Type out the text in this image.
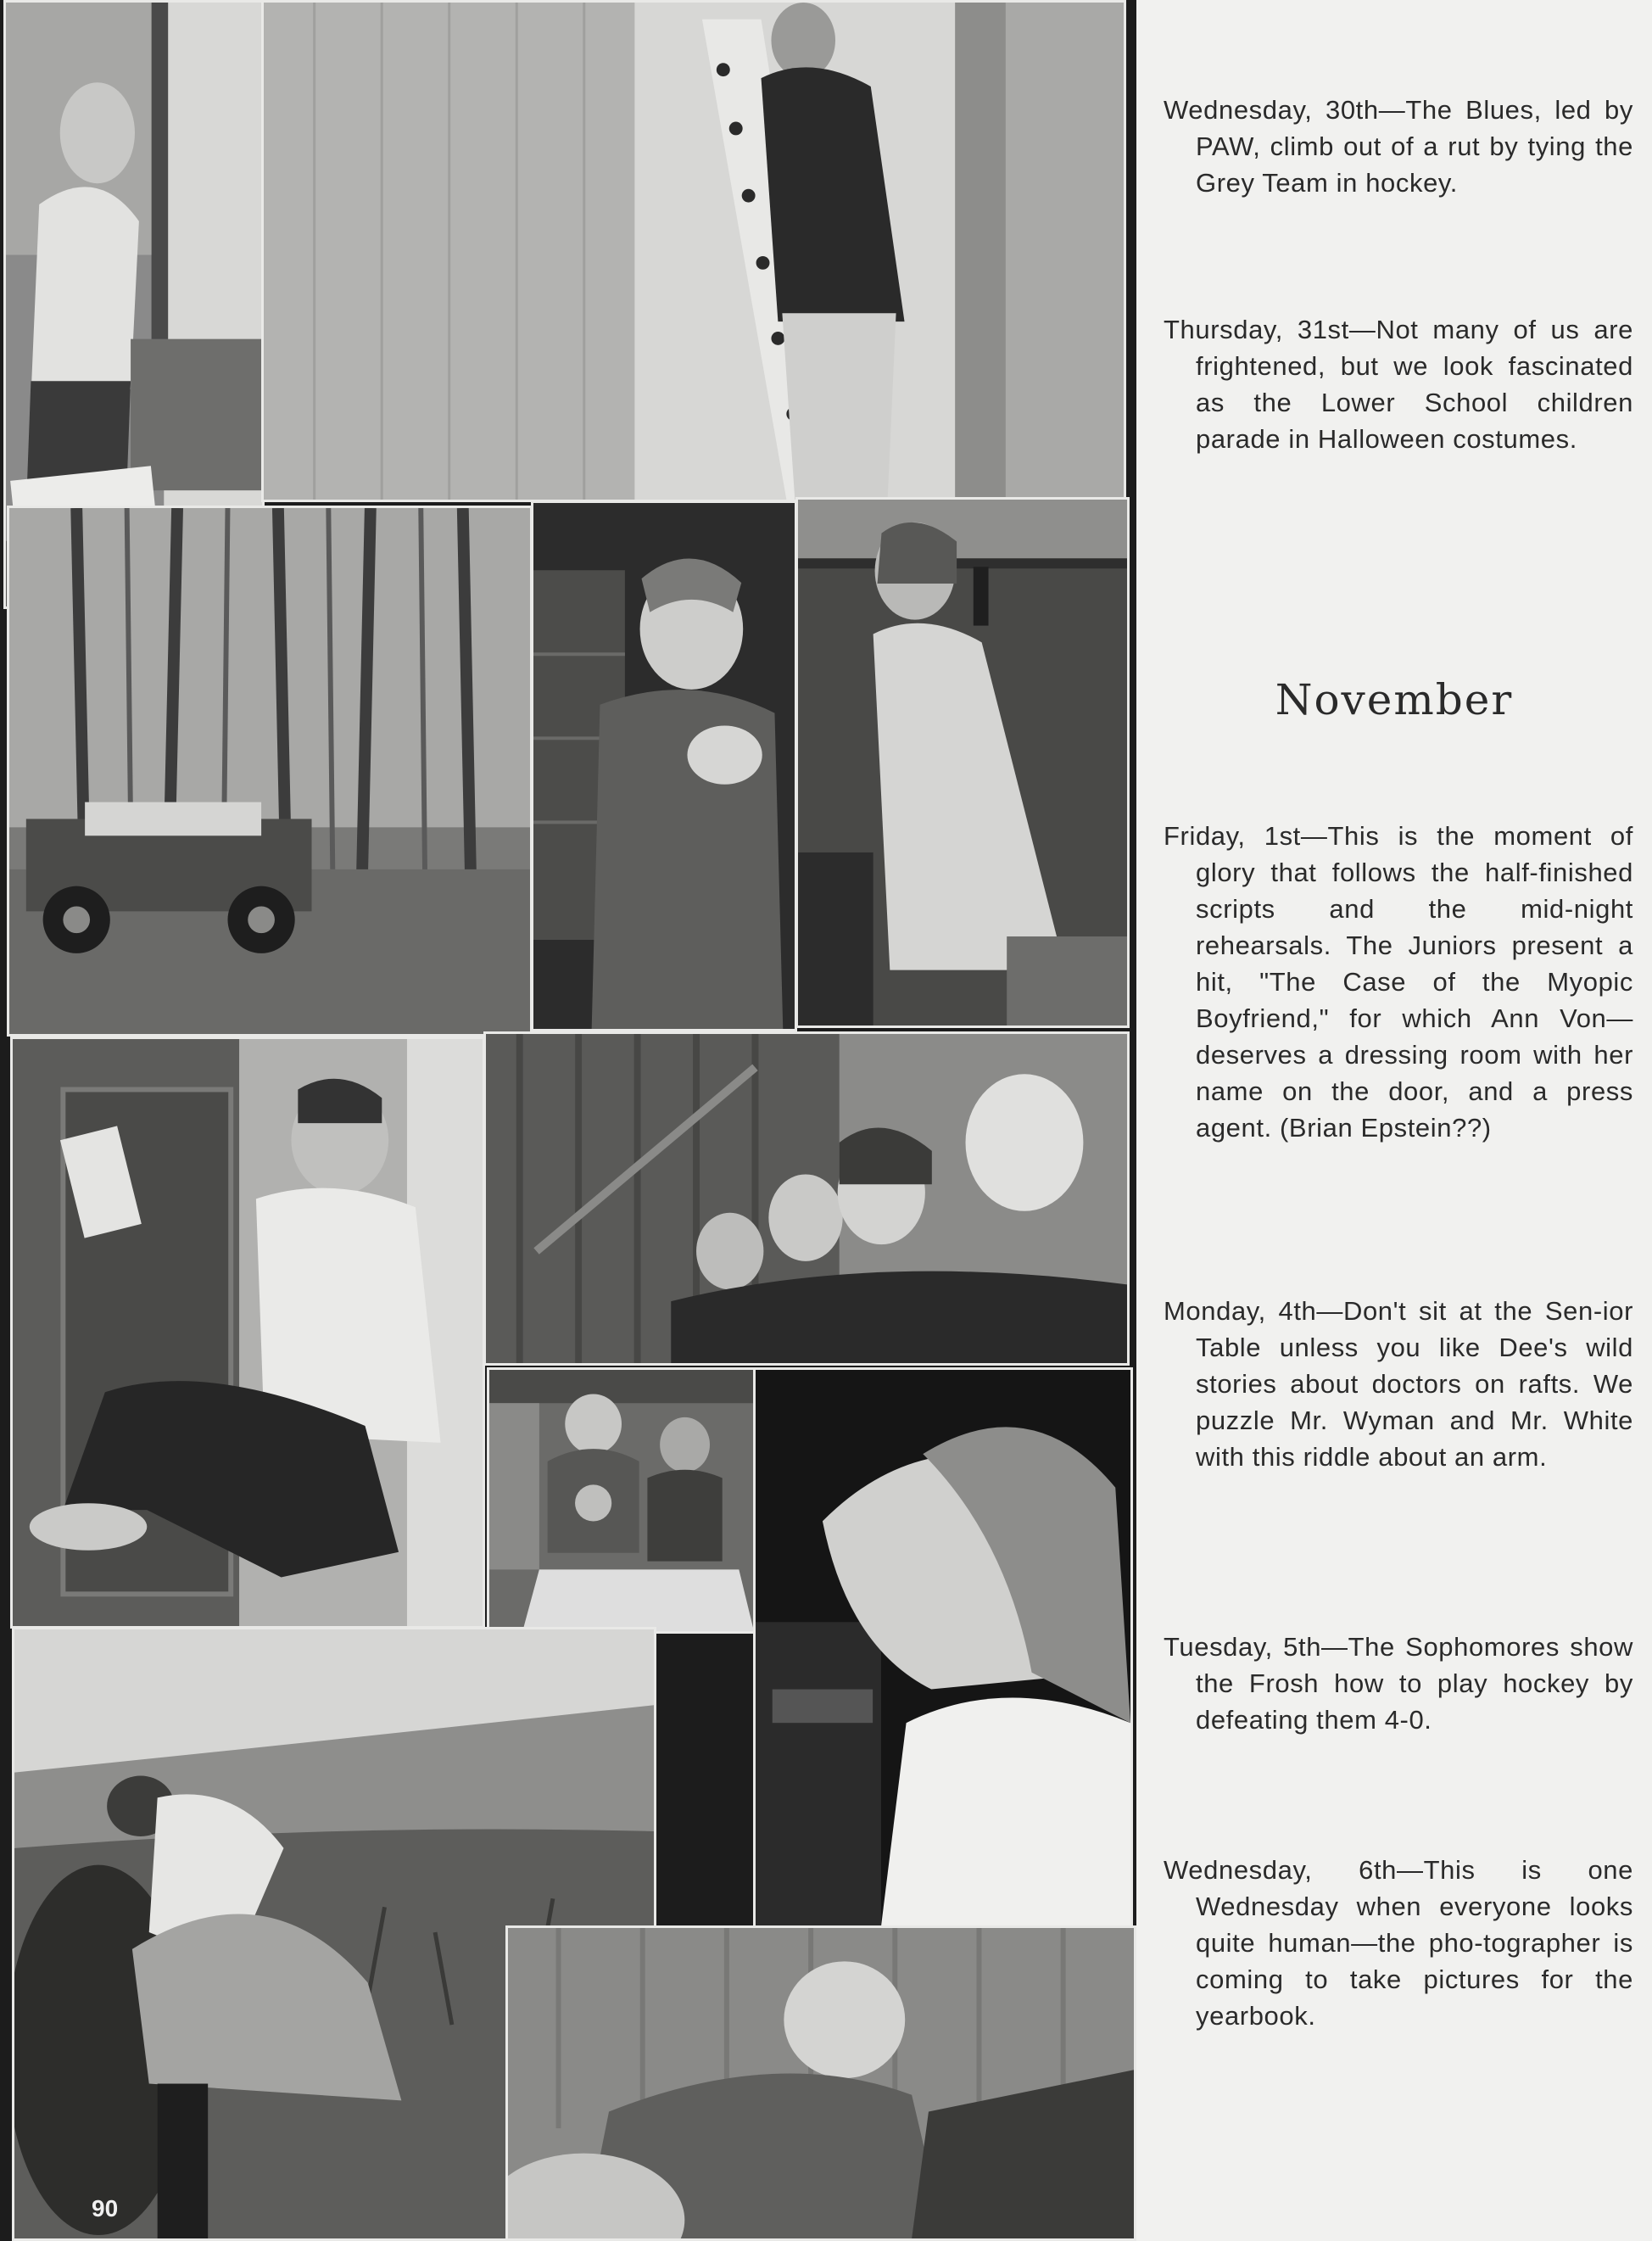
90

Wednesday, 30th—The Blues, led by PAW, climb out of a rut by tying the Grey Team in hockey.

Thursday, 31st—Not many of us are frightened, but we look fascinated as the Lower School children parade in Halloween costumes.

November

Friday, 1st—This is the moment of glory that follows the half-finished scripts and the mid-night rehearsals. The Juniors present a hit, "The Case of the Myopic Boyfriend," for which Ann Von— deserves a dressing room with her name on the door, and a press agent. (Brian Epstein??)

Monday, 4th—Don't sit at the Sen-ior Table unless you like Dee's wild stories about doctors on rafts. We puzzle Mr. Wyman and Mr. White with this riddle about an arm.

Tuesday, 5th—The Sophomores show the Frosh how to play hockey by defeating them 4-0.

Wednesday, 6th—This is one Wednesday when everyone looks quite human—the pho-tographer is coming to take pictures for the yearbook.
